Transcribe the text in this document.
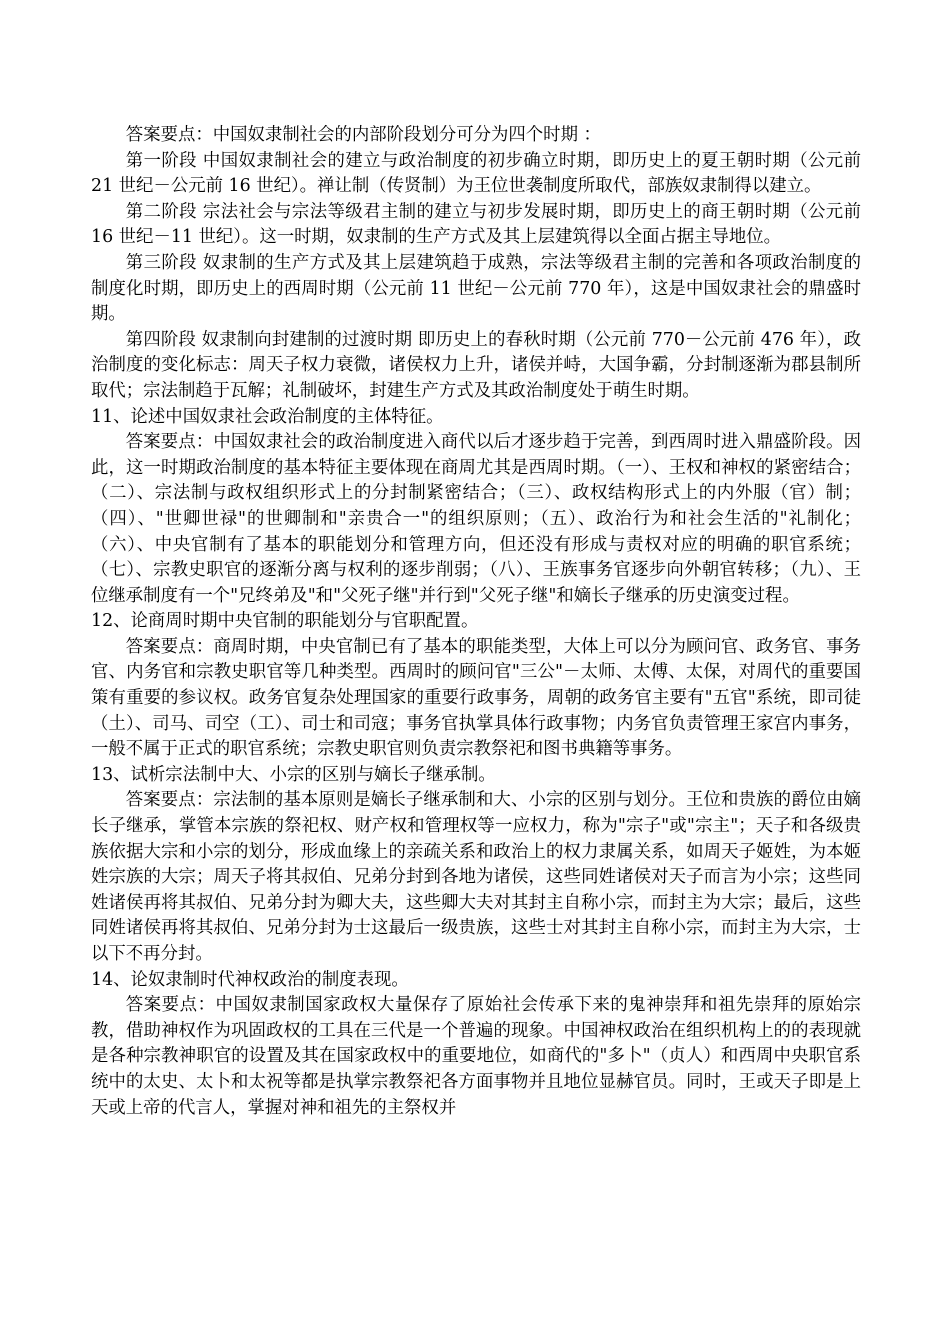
答案要点：中国奴隶制社会的内部阶段划分可分为四个时期 ：

第一阶段 中国奴隶制社会的建立与政治制度的初步确立时期，即历史上的夏王朝时期（公元前 21 世纪－公元前 16 世纪）。禅让制（传贤制）为王位世袭制度所取代，部族奴隶制得以建立。

第二阶段 宗法社会与宗法等级君主制的建立与初步发展时期，即历史上的商王朝时期（公元前 16 世纪－11 世纪）。这一时期，奴隶制的生产方式及其上层建筑得以全面占据主导地位。

第三阶段 奴隶制的生产方式及其上层建筑趋于成熟，宗法等级君主制的完善和各项政治制度的制度化时期，即历史上的西周时期（公元前 11 世纪－公元前 770 年），这是中国奴隶社会的鼎盛时期。

第四阶段 奴隶制向封建制的过渡时期 即历史上的春秋时期（公元前 770－公元前 476 年），政治制度的变化标志：周天子权力衰微，诸侯权力上升，诸侯并峙，大国争霸，分封制逐渐为郡县制所取代；宗法制趋于瓦解；礼制破坏，封建生产方式及其政治制度处于萌生时期。

11、论述中国奴隶社会政治制度的主体特征。

答案要点：中国奴隶社会的政治制度进入商代以后才逐步趋于完善，到西周时进入鼎盛阶段。因此，这一时期政治制度的基本特征主要体现在商周尤其是西周时期。（一）、王权和神权的紧密结合；（二）、宗法制与政权组织形式上的分封制紧密结合；（三）、政权结构形式上的内外服（官）制；（四）、"世卿世禄"的世卿制和"亲贵合一"的组织原则；（五）、政治行为和社会生活的"礼制化；（六）、中央官制有了基本的职能划分和管理方向，但还没有形成与责权对应的明确的职官系统；（七）、宗教史职官的逐渐分离与权利的逐步削弱；（八）、王族事务官逐步向外朝官转移；（九）、王位继承制度有一个"兄终弟及"和"父死子继"并行到"父死子继"和嫡长子继承的历史演变过程。

12、论商周时期中央官制的职能划分与官职配置。

答案要点：商周时期，中央官制已有了基本的职能类型，大体上可以分为顾问官、政务官、事务官、内务官和宗教史职官等几种类型。西周时的顾问官"三公"－太师、太傅、太保，对周代的重要国策有重要的参议权。政务官复杂处理国家的重要行政事务，周朝的政务官主要有"五官"系统，即司徒（土）、司马、司空（工）、司士和司寇；事务官执掌具体行政事物；内务官负责管理王家宫内事务，一般不属于正式的职官系统；宗教史职官则负责宗教祭祀和图书典籍等事务。

13、试析宗法制中大、小宗的区别与嫡长子继承制。

答案要点：宗法制的基本原则是嫡长子继承制和大、小宗的区别与划分。王位和贵族的爵位由嫡长子继承，掌管本宗族的祭祀权、财产权和管理权等一应权力，称为"宗子"或"宗主"；天子和各级贵族依据大宗和小宗的划分，形成血缘上的亲疏关系和政治上的权力隶属关系，如周天子姬姓，为本姬姓宗族的大宗；周天子将其叔伯、兄弟分封到各地为诸侯，这些同姓诸侯对天子而言为小宗；这些同姓诸侯再将其叔伯、兄弟分封为卿大夫，这些卿大夫对其封主自称小宗，而封主为大宗；最后，这些同姓诸侯再将其叔伯、兄弟分封为士这最后一级贵族，这些士对其封主自称小宗，而封主为大宗，士以下不再分封。

14、论奴隶制时代神权政治的制度表现。

答案要点：中国奴隶制国家政权大量保存了原始社会传承下来的鬼神崇拜和祖先崇拜的原始宗教，借助神权作为巩固政权的工具在三代是一个普遍的现象。中国神权政治在组织机构上的的表现就是各种宗教神职官的设置及其在国家政权中的重要地位，如商代的"多卜"（贞人）和西周中央职官系统中的太史、太卜和太祝等都是执掌宗教祭祀各方面事物并且地位显赫官员。同时，王或天子即是上天或上帝的代言人，掌握对神和祖先的主祭权并
